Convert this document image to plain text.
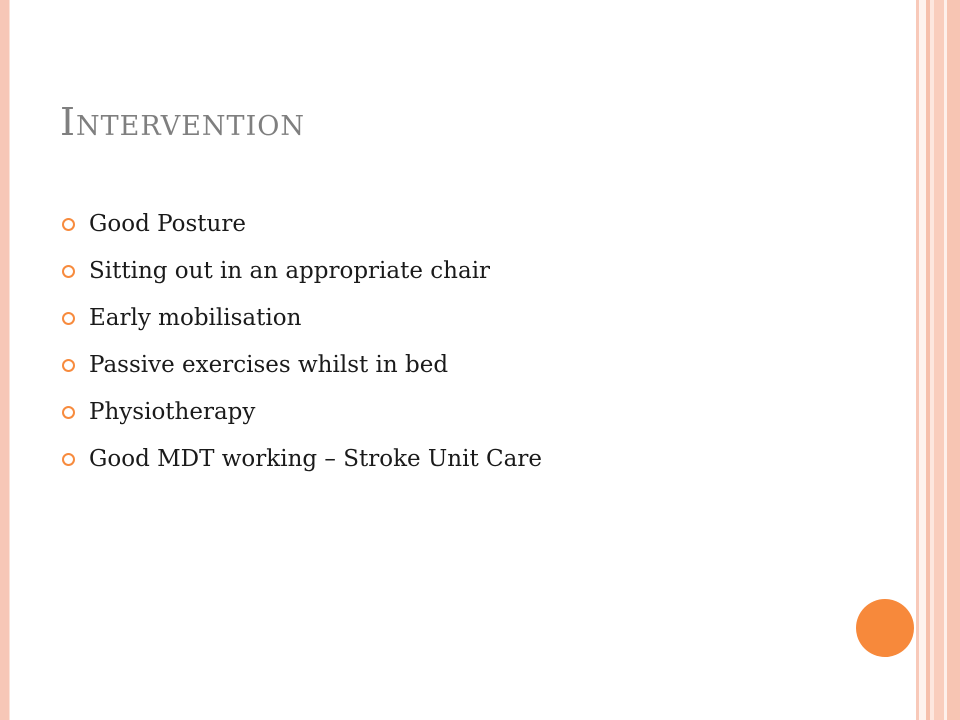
Intervention
Good Posture
Sitting out in an appropriate chair
Early mobilisation
Passive exercises whilst in bed
Physiotherapy
Good MDT working – Stroke Unit Care
